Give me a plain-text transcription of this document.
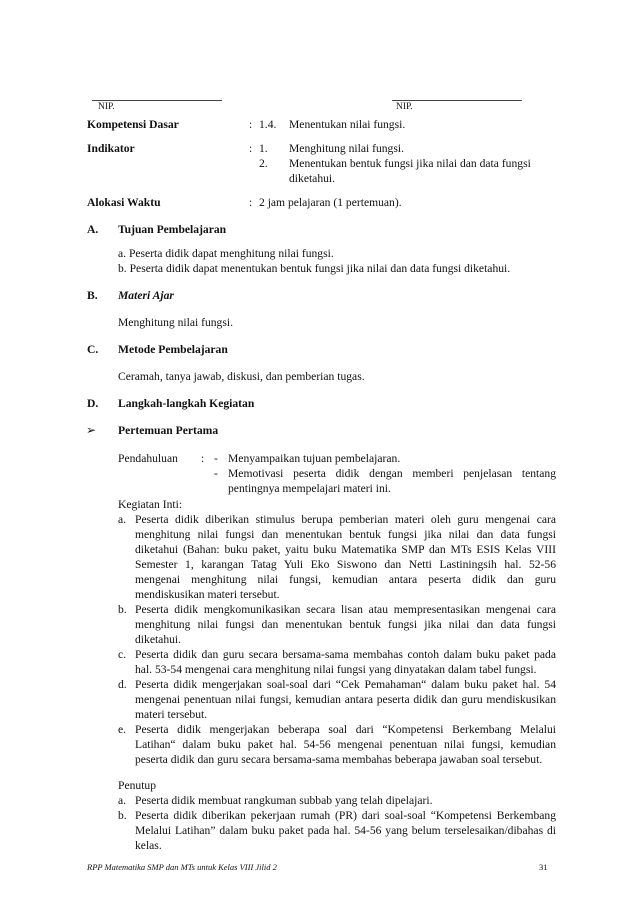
NIP.	NIP.
Kompetensi Dasar	: 1.4. Menentukan nilai fungsi.
Indikator	: 1. Menghitung nilai fungsi.
2. Menentukan bentuk fungsi jika nilai dan data fungsi
diketahui.
Alokasi Waktu	: 2 jam pelajaran (1 pertemuan).
A. Tujuan Pembelajaran
a. Peserta didik dapat menghitung nilai fungsi.
b. Peserta didik dapat menentukan bentuk fungsi jika nilai dan data fungsi diketahui.
B. Materi Ajar
Menghitung nilai fungsi.
C. Metode Pembelajaran
Ceramah, tanya jawab, diskusi, dan pemberian tugas.
D. Langkah-langkah Kegiatan
➢ Pertemuan Pertama
Pendahuluan : - Menyampaikan tujuan pembelajaran.
- Memotivasi peserta didik dengan memberi penjelasan tentang
pentingnya mempelajari materi ini.
Kegiatan Inti:
a. Peserta didik diberikan stimulus berupa pemberian materi oleh guru mengenai cara
menghitung nilai fungsi dan menentukan bentuk fungsi jika nilai dan data fungsi
diketahui (Bahan: buku paket, yaitu buku Matematika SMP dan MTs ESIS Kelas VIII
Semester 1, karangan Tatag Yuli Eko Siswono dan Netti Lastiningsih hal. 52-56
mengenai menghitung nilai fungsi, kemudian antara peserta didik dan guru
mendiskusikan materi tersebut.
b. Peserta didik mengkomunikasikan secara lisan atau mempresentasikan mengenai cara
menghitung nilai fungsi dan menentukan bentuk fungsi jika nilai dan data fungsi
diketahui.
c. Peserta didik dan guru secara bersama-sama membahas contoh dalam buku paket pada
hal. 53-54 mengenai cara menghitung nilai fungsi yang dinyatakan dalam tabel fungsi.
d. Peserta didik mengerjakan soal-soal dari “Cek Pemahaman“ dalam buku paket hal. 54
mengenai penentuan nilai fungsi, kemudian antara peserta didik dan guru mendiskusikan
materi tersebut.
e. Peserta didik mengerjakan beberapa soal dari “Kompetensi Berkembang Melalui
Latihan“ dalam buku paket hal. 54-56 mengenai penentuan nilai fungsi, kemudian
peserta didik dan guru secara bersama-sama membahas beberapa jawaban soal tersebut.
Penutup
a. Peserta didik membuat rangkuman subbab yang telah dipelajari.
b. Peserta didik diberikan pekerjaan rumah (PR) dari soal-soal “Kompetensi Berkembang
Melalui Latihan” dalam buku paket pada hal. 54-56 yang belum terselesaikan/dibahas di
kelas.
RPP Matematika SMP dan MTs untuk Kelas VIII Jilid 2	31
